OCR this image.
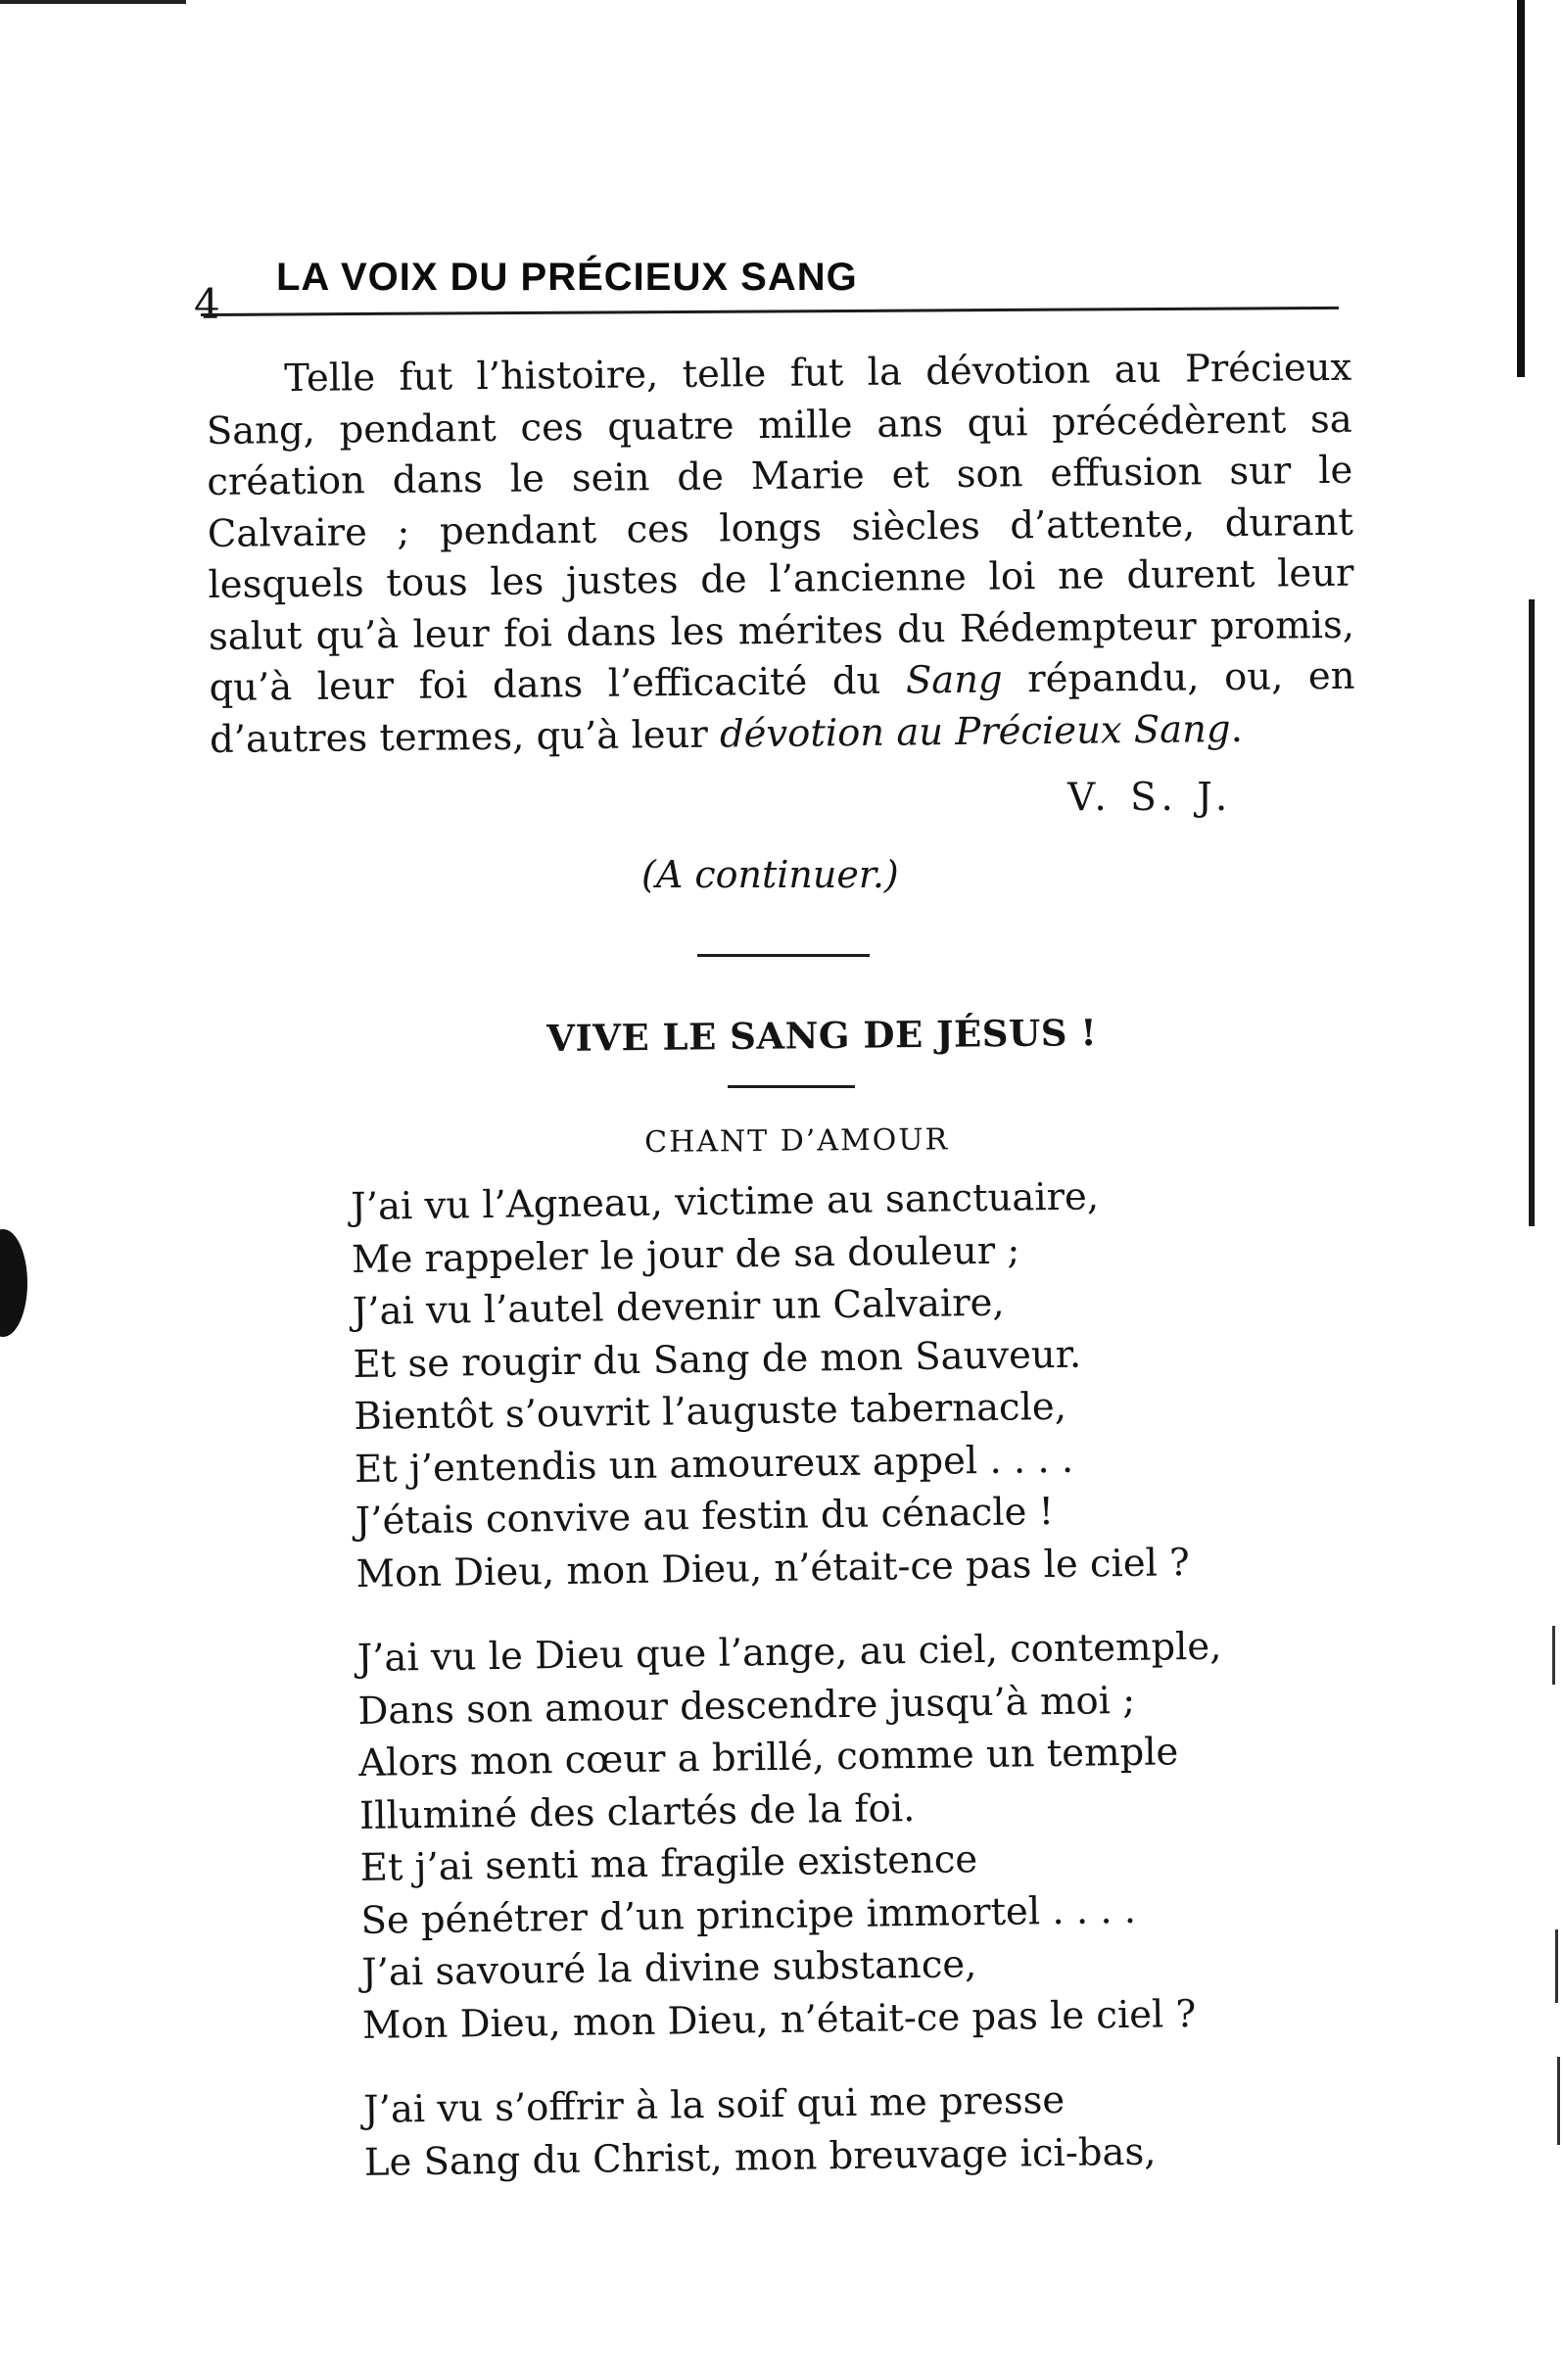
4
LA VOIX DU PRÉCIEUX SANG
Telle fut l’histoire, telle fut la dévotion au Précieux Sang, pendant ces quatre mille ans qui précédèrent sa création dans le sein de Marie et son effusion sur le Calvaire ; pendant ces longs siècles d’attente, durant lesquels tous les justes de l’ancienne loi ne durent leur salut qu’à leur foi dans les mérites du Rédempteur promis, qu’à leur foi dans l’efficacité du Sang répandu, ou, en d’autres termes, qu’à leur dévotion au Précieux Sang.
V. S. J.
(A continuer.)
VIVE LE SANG DE JÉSUS !
CHANT D’AMOUR
J’ai vu l’Agneau, victime au sanctuaire,
Me rappeler le jour de sa douleur ;
J’ai vu l’autel devenir un Calvaire,
Et se rougir du Sang de mon Sauveur.
Bientôt s’ouvrit l’auguste tabernacle,
Et j’entendis un amoureux appel . . . .
J’étais convive au festin du cénacle !
Mon Dieu, mon Dieu, n’était-ce pas le ciel ?
J’ai vu le Dieu que l’ange, au ciel, contemple,
Dans son amour descendre jusqu’à moi ;
Alors mon cœur a brillé, comme un temple
Illuminé des clartés de la foi.
Et j’ai senti ma fragile existence
Se pénétrer d’un principe immortel . . . .
J’ai savouré la divine substance,
Mon Dieu, mon Dieu, n’était-ce pas le ciel ?
J’ai vu s’offrir à la soif qui me presse
Le Sang du Christ, mon breuvage ici-bas,
